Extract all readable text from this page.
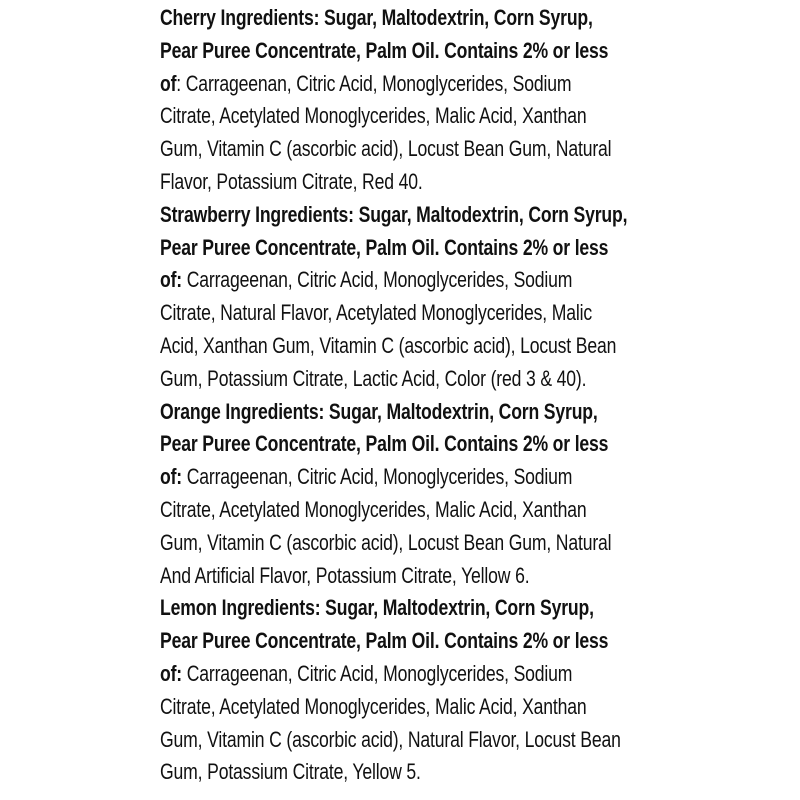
Cherry Ingredients: Sugar, Maltodextrin, Corn Syrup,
Pear Puree Concentrate, Palm Oil. Contains 2% or less
of: Carrageenan, Citric Acid, Monoglycerides, Sodium
Citrate, Acetylated Monoglycerides, Malic Acid, Xanthan
Gum, Vitamin C (ascorbic acid), Locust Bean Gum, Natural
Flavor, Potassium Citrate, Red 40.
Strawberry Ingredients: Sugar, Maltodextrin, Corn Syrup,
Pear Puree Concentrate, Palm Oil. Contains 2% or less
of: Carrageenan, Citric Acid, Monoglycerides, Sodium
Citrate, Natural Flavor, Acetylated Monoglycerides, Malic
Acid, Xanthan Gum, Vitamin C (ascorbic acid), Locust Bean
Gum, Potassium Citrate, Lactic Acid, Color (red 3 & 40).
Orange Ingredients: Sugar, Maltodextrin, Corn Syrup,
Pear Puree Concentrate, Palm Oil. Contains 2% or less
of: Carrageenan, Citric Acid, Monoglycerides, Sodium
Citrate, Acetylated Monoglycerides, Malic Acid, Xanthan
Gum, Vitamin C (ascorbic acid), Locust Bean Gum, Natural
And Artificial Flavor, Potassium Citrate, Yellow 6.
Lemon Ingredients: Sugar, Maltodextrin, Corn Syrup,
Pear Puree Concentrate, Palm Oil. Contains 2% or less
of: Carrageenan, Citric Acid, Monoglycerides, Sodium
Citrate, Acetylated Monoglycerides, Malic Acid, Xanthan
Gum, Vitamin C (ascorbic acid), Natural Flavor, Locust Bean
Gum, Potassium Citrate, Yellow 5.
